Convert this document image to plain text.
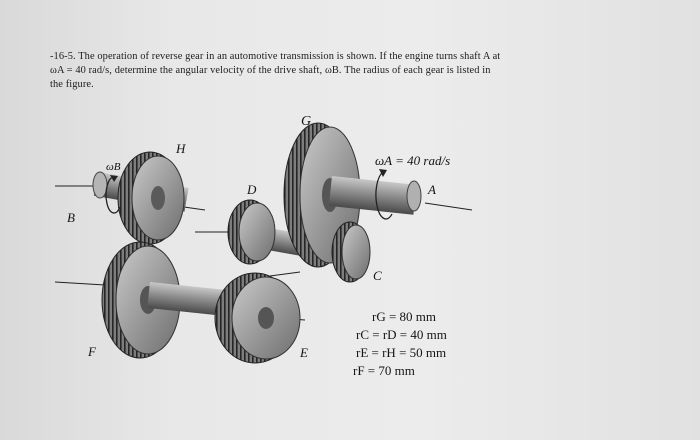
-16-5. The operation of reverse gear in an automotive transmission is shown. If the engine turns shaft A at
ωA = 40 rad/s, determine the angular velocity of the drive shaft, ωB. The radius of each gear is listed in
the figure.
G
H
ωB	ωA = 40 rad/s
D	A
B
C
E
F
rG = 80 mm
rC = rD = 40 mm
rE = rH = 50 mm
rF = 70 mm
